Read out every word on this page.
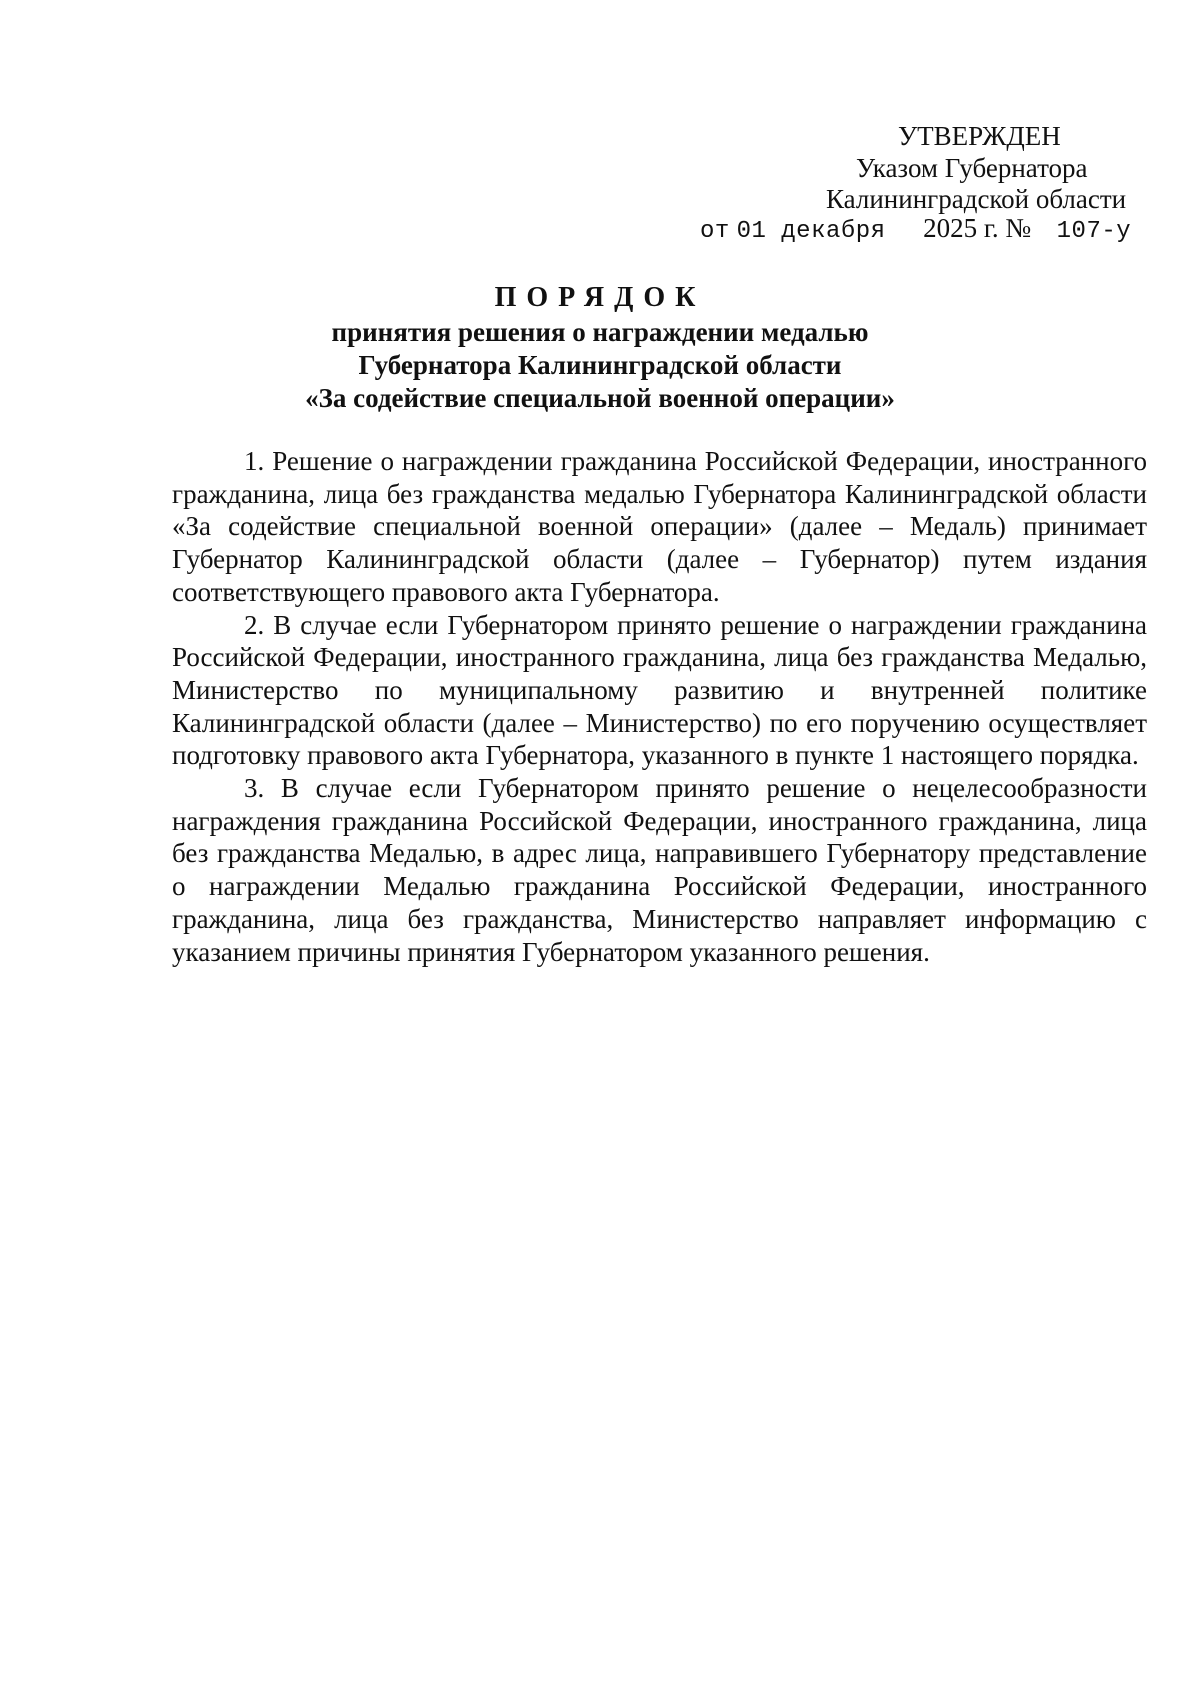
УТВЕРЖДЕН
Указом Губернатора
Калининградской области
от 01 декабря 2025 г. № 107-у
ПОРЯДОК
принятия решения о награждении медалью
Губернатора Калининградской области
«За содействие специальной военной операции»

1. Решение о награждении гражданина Российской Федерации, иностранного гражданина, лица без гражданства медалью Губернатора Калининградской области «За содействие специальной военной операции» (далее – Медаль) принимает Губернатор Калининградской области (далее – Губернатор) путем издания соответствующего правового акта Губернатора.

2. В случае если Губернатором принято решение о награждении гражданина Российской Федерации, иностранного гражданина, лица без гражданства Медалью, Министерство по муниципальному развитию и внутренней политике Калининградской области (далее – Министерство) по его поручению осуществляет подготовку правового акта Губернатора, указанного в пункте 1 настоящего порядка.

3. В случае если Губернатором принято решение о нецелесообразности награждения гражданина Российской Федерации, иностранного гражданина, лица без гражданства Медалью, в адрес лица, направившего Губернатору представление о награждении Медалью гражданина Российской Федерации, иностранного гражданина, лица без гражданства, Министерство направляет информацию с указанием причины принятия Губернатором указанного решения.
